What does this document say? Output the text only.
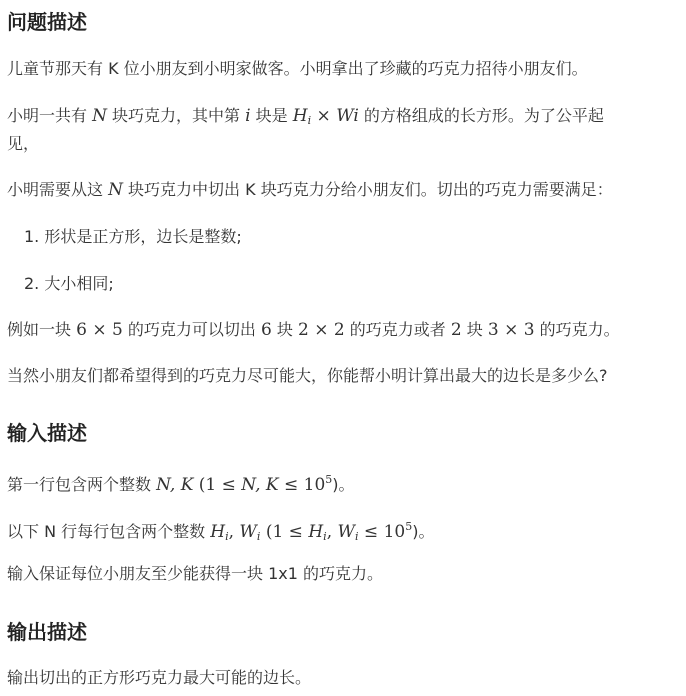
问题描述

儿童节那天有 K 位小朋友到小明家做客。小明拿出了珍藏的巧克力招待小朋友们。

小明一共有 N 块巧克力，其中第 i 块是 $H_i \times Wi$ 的方格组成的长方形。为了公平起

见，

小明需要从这 N 块巧克力中切出 K 块巧克力分给小朋友们。切出的巧克力需要满足：

1. 形状是正方形，边长是整数;

2. 大小相同;

例如一块 6 × 5 的巧克力可以切出 6 块 2 × 2 的巧克力或者 2 块 3 × 3 的巧克力。

当然小朋友们都希望得到的巧克力尽可能大，你能帮小明计算出最大的边长是多少么?

输入描述

第一行包含两个整数 N, K (1 ≤ N, $K \le 10^5$)。

以下 N 行每行包含两个整数 $H_i$, $W_i$ ($1 \le H_i$, $W_i \le 10^5$)。

输入保证每位小朋友至少能获得一块 1x1 的巧克力。

输出描述

输出切出的正方形巧克力最大可能的边长。
